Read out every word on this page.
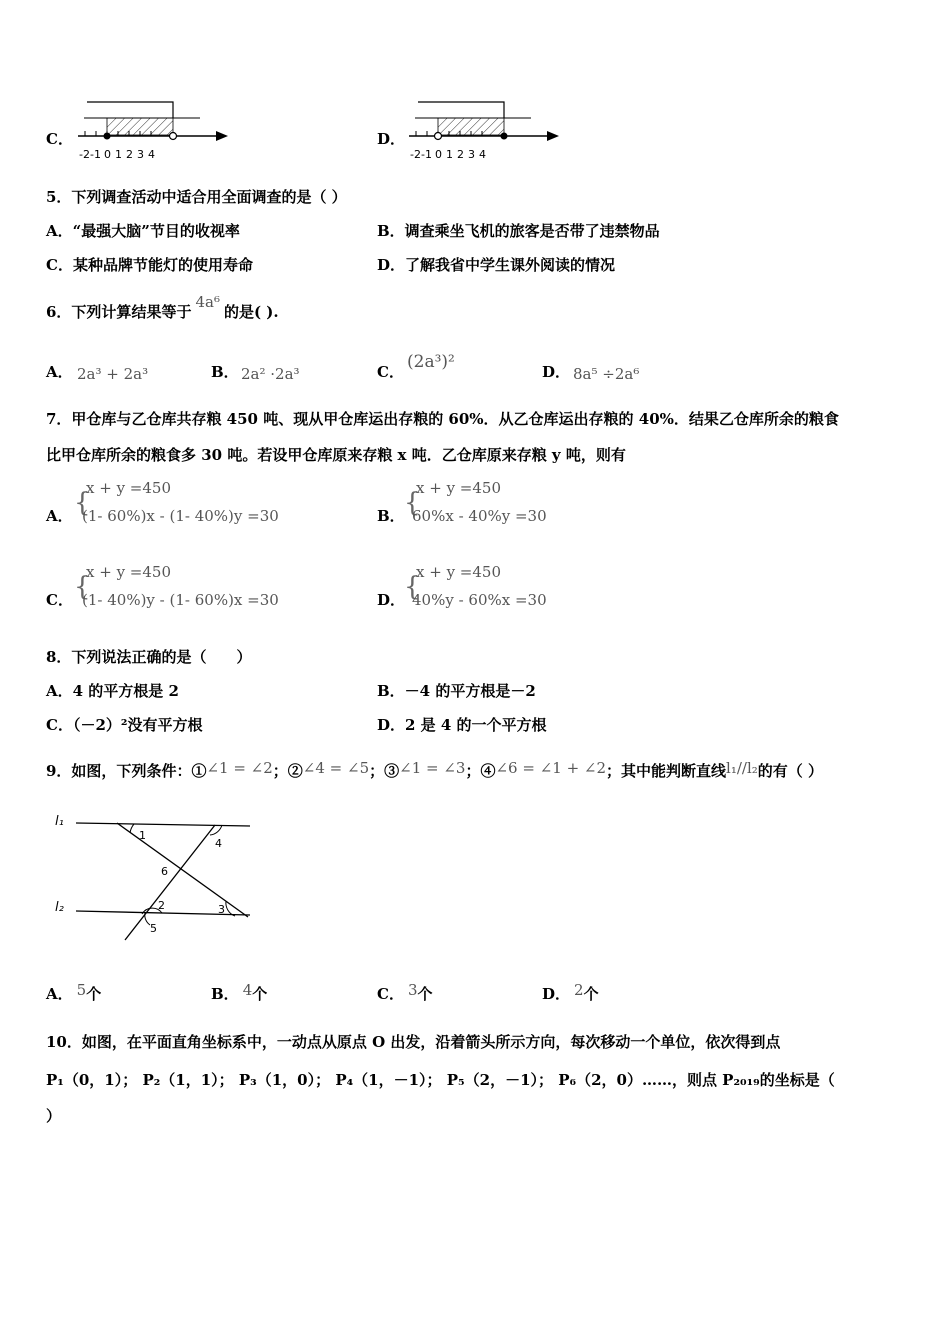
C．
-2 -1 0 1 2 3 4
D．
-2 -1 0 1 2 3 4
5．下列调查活动中适合用全面调查的是（ ）
A．“最强大脑”节目的收视率	B．调查乘坐飞机的旅客是否带了违禁物品
C．某种品牌节能灯的使用寿命	D．了解我省中学生课外阅读的情况
6．下列计算结果等于4a⁶的是( ).
A． 2a³ + 2a³	B． 2a² ·2a³	C． (2a³)²	D． 8a⁵ ÷2a⁶
7．甲仓库与乙仓库共存粮 450 吨、现从甲仓库运出存粮的 60%．从乙仓库运出存粮的 40%．结果乙仓库所余的粮食
比甲仓库所余的粮食多 30 吨。若设甲仓库原来存粮 x 吨．乙仓库原来存粮 y 吨，则有
A． {
x + y =450
(1- 60%)x - (1- 40%)y =30	B． {
x + y =450
60%x - 40%y =30
C． {
x + y =450
(1- 40%)y - (1- 60%)x =30	D．
{
x + y =450
40%y - 60%x =30
8．下列说法正确的是（　　）
A．4 的平方根是 2	B．－4 的平方根是－2
C．（－2）²没有平方根	D．2 是 4 的一个平方根
9．如图，下列条件：①∠1 = ∠2；②∠4 = ∠5；③∠1 = ∠3；④∠6 = ∠1 + ∠2；其中能判断直线l₁//l₂的有（ ）
l₁
l₂
1
4
6
2	3
5
A． 5个	B． 4个	C． 3个	D． 2个
10．如图，在平面直角坐标系中，一动点从原点 O 出发，沿着箭头所示方向，每次移动一个单位，依次得到点
P₁（0，1）； P₂（1，1）； P₃（1，0）； P₄（1，－1）； P₅（2，－1）； P₆（2，0）……，则点 P₂₀₁₉的坐标是（
）
